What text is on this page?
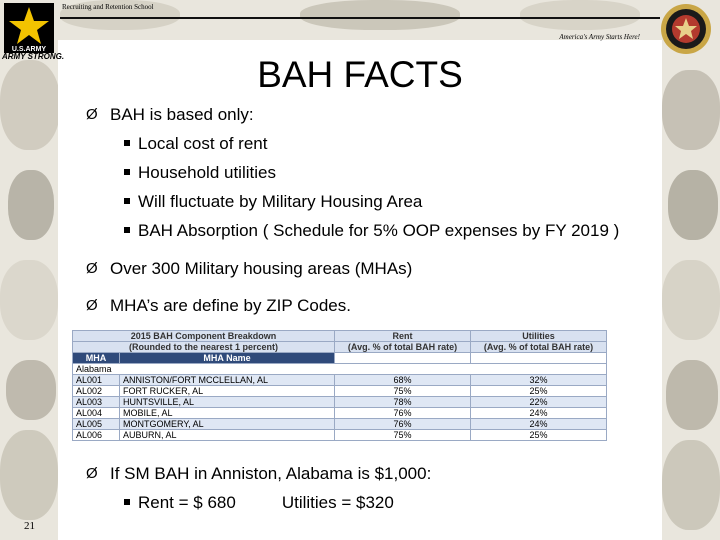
Recruiting and Retention School
America's Army Starts Here!
U.S.ARMY
ARMY STRONG.	BAH FACTS
Ø BAH is based only:
Local cost of rent
Household utilities
Will fluctuate by Military Housing Area
BAH Absorption ( Schedule for 5% OOP expenses by FY 2019 )
Ø Over 300 Military housing areas (MHAs)
Ø MHA’s are define by ZIP Codes.
2015 BAH Component Breakdown		Rent	Utilities
(Rounded to the nearest 1 percent)		(Avg. % of total BAH rate)	(Avg. % of total BAH rate)
MHA	MHA Name		
Alabama			
AL001	ANNISTON/FORT MCCLELLAN, AL	68%	32%
AL002	FORT RUCKER, AL	75%	25%
AL003	HUNTSVILLE, AL	78%	22%
AL004	MOBILE, AL	76%	24%
AL005	MONTGOMERY, AL	76%	24%
AL006	AUBURN, AL	75%	25%
Ø If SM BAH in Anniston, Alabama is $1,000:
Rent = $ 680	Utilities = $320
21
